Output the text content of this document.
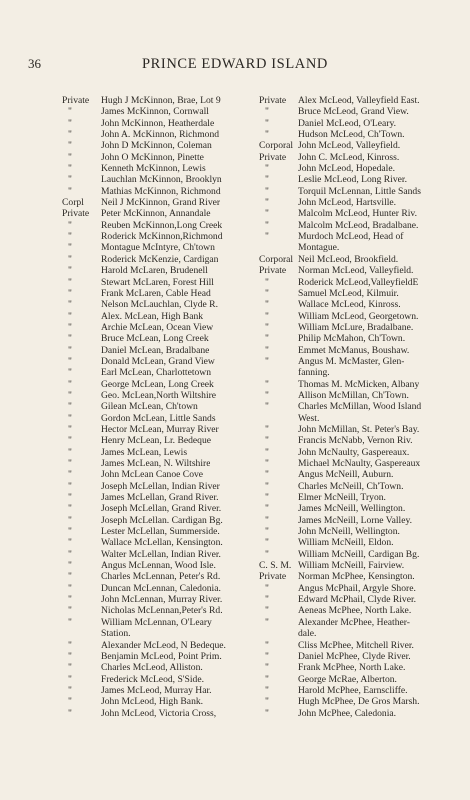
36	PRINCE EDWARD ISLAND
Private	Hugh J McKinnon, Brae, Lot 9
"	James McKinnon, Cornwall
"	John McKinnon, Heatherdale
"	John A. McKinnon, Richmond
"	John D McKinnon, Coleman
"	John O McKinnon, Pinette
"	Kenneth McKinnon, Lewis
"	Lauchlan McKinnon, Brooklyn
"	Mathias McKinnon, Richmond
Corpl	Neil J McKinnon, Grand River
Private	Peter McKinnon, Annandale
"	Reuben McKinnon,Long Creek
"	Roderick McKinnon,Richmond
"	Montague McIntyre, Ch'town
"	Roderick McKenzie, Cardigan
"	Harold McLaren, Brudenell
"	Stewart McLaren, Forest Hill
"	Frank McLaren, Cable Head
"	Nelson McLauchlan, Clyde R.
"	Alex. McLean, High Bank
"	Archie McLean, Ocean View
"	Bruce McLean, Long Creek
"	Daniel McLean, Bradalbane
"	Donald McLean, Grand View
"	Earl McLean, Charlottetown
"	George McLean, Long Creek
"	Geo. McLean,North Wiltshire
"	Gilean McLean, Ch'town
"	Gordon McLean, Little Sands
"	Hector McLean, Murray River
"	Henry McLean, Lr. Bedeque
"	James McLean, Lewis
"	James McLean, N. Wiltshire
"	John McLean Canoe Cove
"	Joseph McLellan, Indian River
"	James McLellan, Grand River.
"	Joseph McLellan, Grand River.
"	Joseph McLellan. Cardigan Bg.
"	Lester McLellan, Summerside.
"	Wallace McLellan, Kensington.
"	Walter McLellan, Indian River.
"	Angus McLennan, Wood Isle.
"	Charles McLennan, Peter's Rd.
"	Duncan McLennan, Caledonia.
"	John McLennan, Murray River.
"	Nicholas McLennan,Peter's Rd.
"	William McLennan, O'Leary
Station.
"	Alexander McLeod, N Bedeque.
"	Benjamin McLeod, Point Prim.
"	Charles McLeod, Alliston.
"	Frederick McLeod, S'Side.
"	James McLeod, Murray Har.
"	John McLeod, High Bank.
"	John McLeod, Victoria Cross,
Private	Alex McLeod, Valleyfield East.
"	Bruce McLeod, Grand View.
"	Daniel McLeod, O'Leary.
"	Hudson McLeod, Ch'Town.
Corporal John McLeod, Valleyfield.
Private	John C. McLeod, Kinross.
"	John McLeod, Hopedale.
"	Leslie McLeod, Long River.
"	Torquil McLennan, Little Sands
"	John McLeod, Hartsville.
"	Malcolm McLeod, Hunter Riv.
"	Malcolm McLeod, Bradalbane.
"	Murdoch McLeod, Head of
Montague.
Corporal Neil McLeod, Brookfield.
Private	Norman McLeod, Valleyfield.
"	Roderick McLeod,ValleyfieldE
"	Samuel McLeod, Kilmuir.
"	Wallace McLeod, Kinross.
"	William McLeod, Georgetown.
"	William McLure, Bradalbane.
"	Philip McMahon, Ch'Town.
"	Emmet McManus, Boushaw.
"	Angus M. McMaster, Glen-
fanning.
"	Thomas M. McMicken, Albany
"	Allison McMillan, Ch'Town.
"	Charles McMillan, Wood Island
West.
"	John McMillan, St. Peter's Bay.
"	Francis McNabb, Vernon Riv.
"	John McNaulty, Gaspereaux.
"	Michael McNaulty, Gaspereaux
"	Angus McNeill, Auburn.
"	Charles McNeill, Ch'Town.
"	Elmer McNeill, Tryon.
"	James McNeill, Wellington.
"	James McNeill, Lorne Valley.
"	John McNeill, Wellington.
"	William McNeill, Eldon.
"	William McNeill, Cardigan Bg.
C. S. M. William McNeill, Fairview.
Private	Norman McPhee, Kensington.
"	Angus McPhail, Argyle Shore.
"	Edward McPhail, Clyde River.
"	Aeneas McPhee, North Lake.
"	Alexander McPhee, Heather-
dale.
"	Cliss McPhee, Mitchell River.
"	Daniel McPhee, Clyde River.
"	Frank McPhee, North Lake.
"	George McRae, Alberton.
"	Harold McPhee, Earnscliffe.
"	Hugh McPhee, De Gros Marsh.
"	John McPhee, Caledonia.
